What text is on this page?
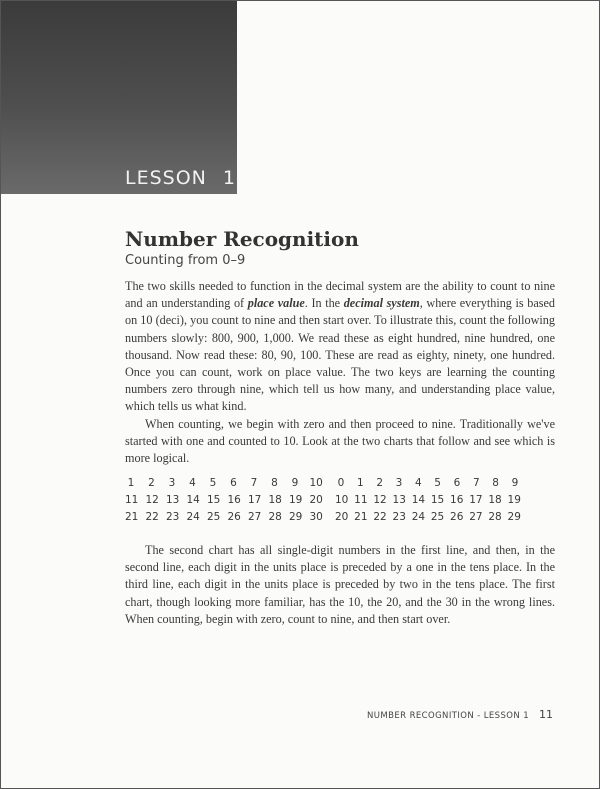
LESSON 1
Number Recognition
Counting from 0–9

The two skills needed to function in the decimal system are the ability to count to nine and an understanding of place value. In the decimal system, where everything is based on 10 (deci), you count to nine and then start over. To illustrate this, count the following numbers slowly: 800, 900, 1,000. We read these as eight hundred, nine hundred, one thousand. Now read these: 80, 90, 100. These are read as eighty, ninety, one hundred. Once you can count, work on place value. The two keys are learning the counting numbers zero through nine, which tell us how many, and understanding place value, which tells us what kind.

When counting, we begin with zero and then proceed to nine. Traditionally we've started with one and counted to 10. Look at the two charts that follow and see which is more logical.

1 2 3 4 5 6 7 8 9 10
11 12 13 14 15 16 17 18 19 20
21 22 23 24 25 26 27 28 29 30
0 1 2 3 4 5 6 7 8 9
10 11 12 13 14 15 16 17 18 19
20 21 22 23 24 25 26 27 28 29

The second chart has all single-digit numbers in the first line, and then, in the second line, each digit in the units place is preceded by a one in the tens place. In the third line, each digit in the units place is preceded by two in the tens place. The first chart, though looking more familiar, has the 10, the 20, and the 30 in the wrong lines. When counting, begin with zero, count to nine, and then start over.

NUMBER RECOGNITION - LESSON 1 11
